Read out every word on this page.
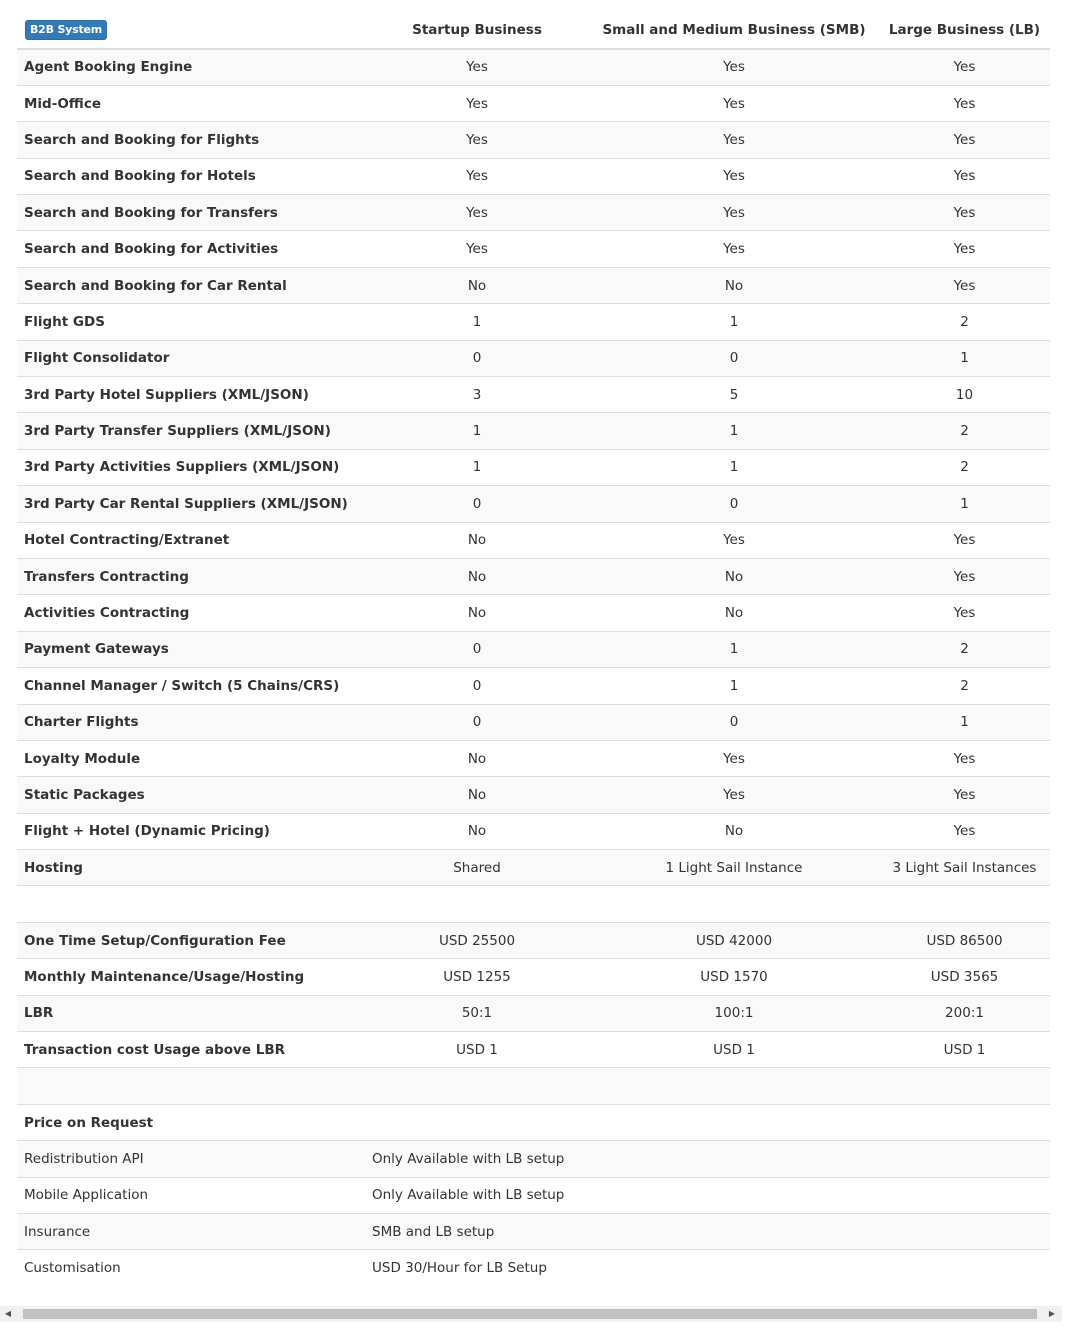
B2B System	Startup Business	Small and Medium Business (SMB)	Large Business (LB)
Agent Booking Engine	Yes	Yes	Yes
Mid-Office	Yes	Yes	Yes
Search and Booking for Flights	Yes	Yes	Yes
Search and Booking for Hotels	Yes	Yes	Yes
Search and Booking for Transfers	Yes	Yes	Yes
Search and Booking for Activities	Yes	Yes	Yes
Search and Booking for Car Rental	No	No	Yes
Flight GDS	1	1	2
Flight Consolidator	0	0	1
3rd Party Hotel Suppliers (XML/JSON)	3	5	10
3rd Party Transfer Suppliers (XML/JSON)	1	1	2
3rd Party Activities Suppliers (XML/JSON)	1	1	2
3rd Party Car Rental Suppliers (XML/JSON)	0	0	1
Hotel Contracting/Extranet	No	Yes	Yes
Transfers Contracting	No	No	Yes
Activities Contracting	No	No	Yes
Payment Gateways	0	1	2
Channel Manager / Switch (5 Chains/CRS)	0	1	2
Charter Flights	0	0	1
Loyalty Module	No	Yes	Yes
Static Packages	No	Yes	Yes
Flight + Hotel (Dynamic Pricing)	No	No	Yes
Hosting	Shared	1 Light Sail Instance	3 Light Sail Instances

One Time Setup/Configuration Fee	USD 25500	USD 42000	USD 86500
Monthly Maintenance/Usage/Hosting	USD 1255	USD 1570	USD 3565
LBR	50:1	100:1	200:1
Transaction cost Usage above LBR	USD 1	USD 1	USD 1

Price on Request			
Redistribution API	Only Available with LB setup		
Mobile Application	Only Available with LB setup		
Insurance	SMB and LB setup		
Customisation	USD 30/Hour for LB Setup		
◀	▶
